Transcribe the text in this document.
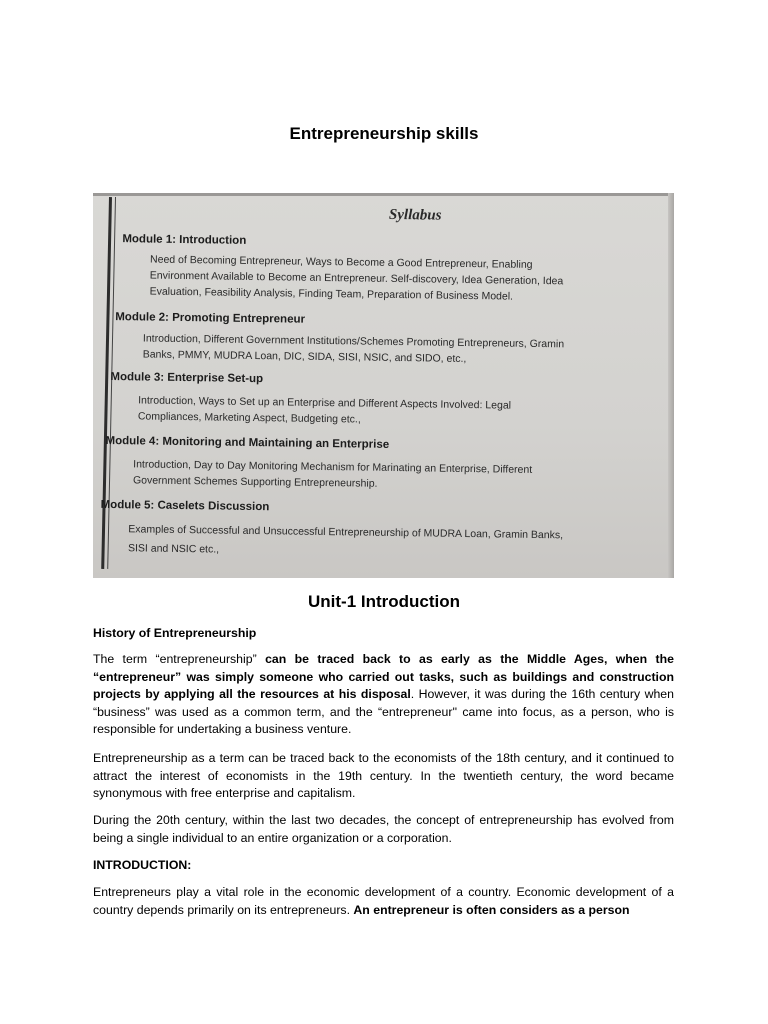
Entrepreneurship skills
Syllabus
Module 1: Introduction
Need of Becoming Entrepreneur, Ways to Become a Good Entrepreneur, Enabling
Environment Available to Become an Entrepreneur. Self-discovery, Idea Generation, Idea
Evaluation, Feasibility Analysis, Finding Team, Preparation of Business Model.
Module 2: Promoting Entrepreneur
Introduction, Different Government Institutions/Schemes Promoting Entrepreneurs, Gramin
Banks, PMMY, MUDRA Loan, DIC, SIDA, SISI, NSIC, and SIDO, etc.,
Module 3: Enterprise Set-up
Introduction, Ways to Set up an Enterprise and Different Aspects Involved: Legal
Compliances, Marketing Aspect, Budgeting etc.,
Module 4: Monitoring and Maintaining an Enterprise
Introduction, Day to Day Monitoring Mechanism for Marinating an Enterprise, Different
Government Schemes Supporting Entrepreneurship.
Module 5: Caselets Discussion
Examples of Successful and Unsuccessful Entrepreneurship of MUDRA Loan, Gramin Banks,
SISI and NSIC etc.,
Unit-1 Introduction
History of Entrepreneurship
The term “entrepreneurship” can be traced back to as early as the Middle Ages, when the “entrepreneur” was simply someone who carried out tasks, such as buildings and construction projects by applying all the resources at his disposal. However, it was during the 16th century when “business” was used as a common term, and the “entrepreneur'' came into focus, as a person, who is responsible for undertaking a business venture.
Entrepreneurship as a term can be traced back to the economists of the 18th century, and it continued to attract the interest of economists in the 19th century. In the twentieth century, the word became synonymous with free enterprise and capitalism.
During the 20th century, within the last two decades, the concept of entrepreneurship has evolved from being a single individual to an entire organization or a corporation.
INTRODUCTION:
Entrepreneurs play a vital role in the economic development of a country. Economic development of a country depends primarily on its entrepreneurs. An entrepreneur is often considers as a person
